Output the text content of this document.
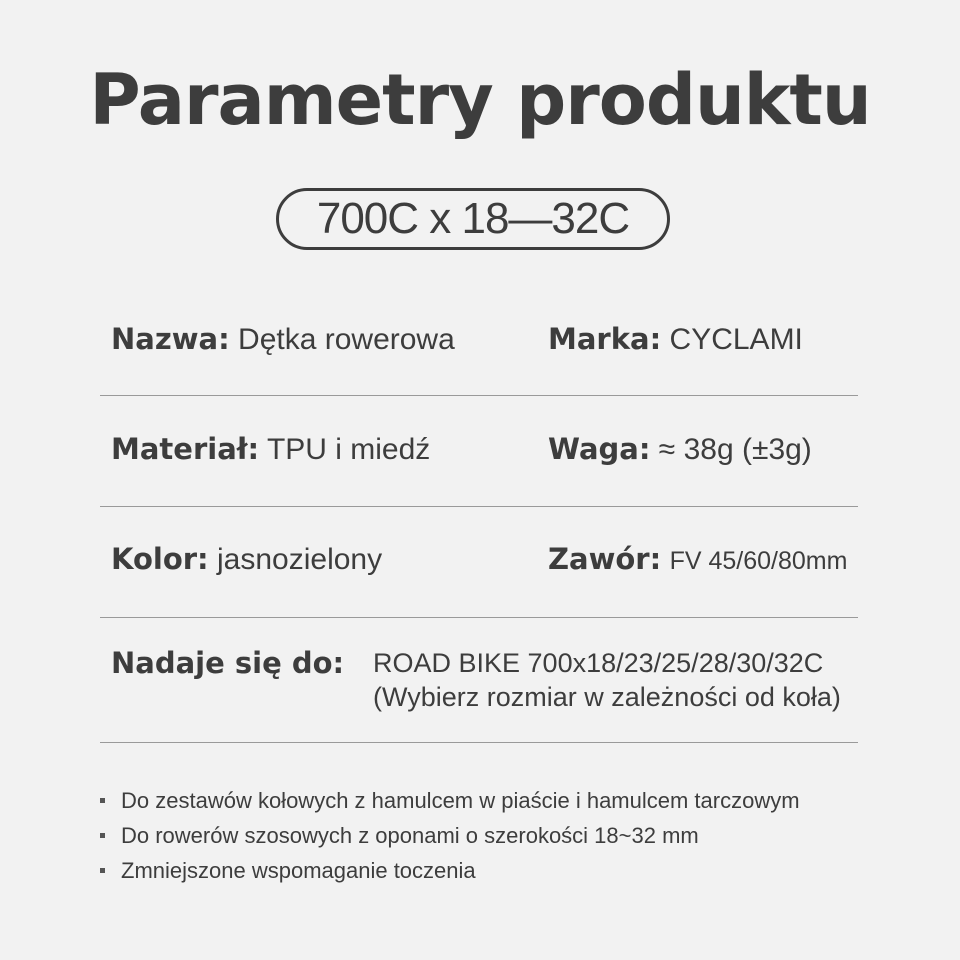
Parametry produktu
700C x 18—32C
Nazwa: Dętka rowerowa	Marka: CYCLAMI
Materiał: TPU i miedź	Waga: ≈ 38g (±3g)
Kolor: jasnozielony	Zawór: FV 45/60/80mm
Nadaje się do: ROAD BIKE 700x18/23/25/28/30/32C
(Wybierz rozmiar w zależności od koła)
Do zestawów kołowych z hamulcem w piaście i hamulcem tarczowym
Do rowerów szosowych z oponami o szerokości 18~32 mm
Zmniejszone wspomaganie toczenia
